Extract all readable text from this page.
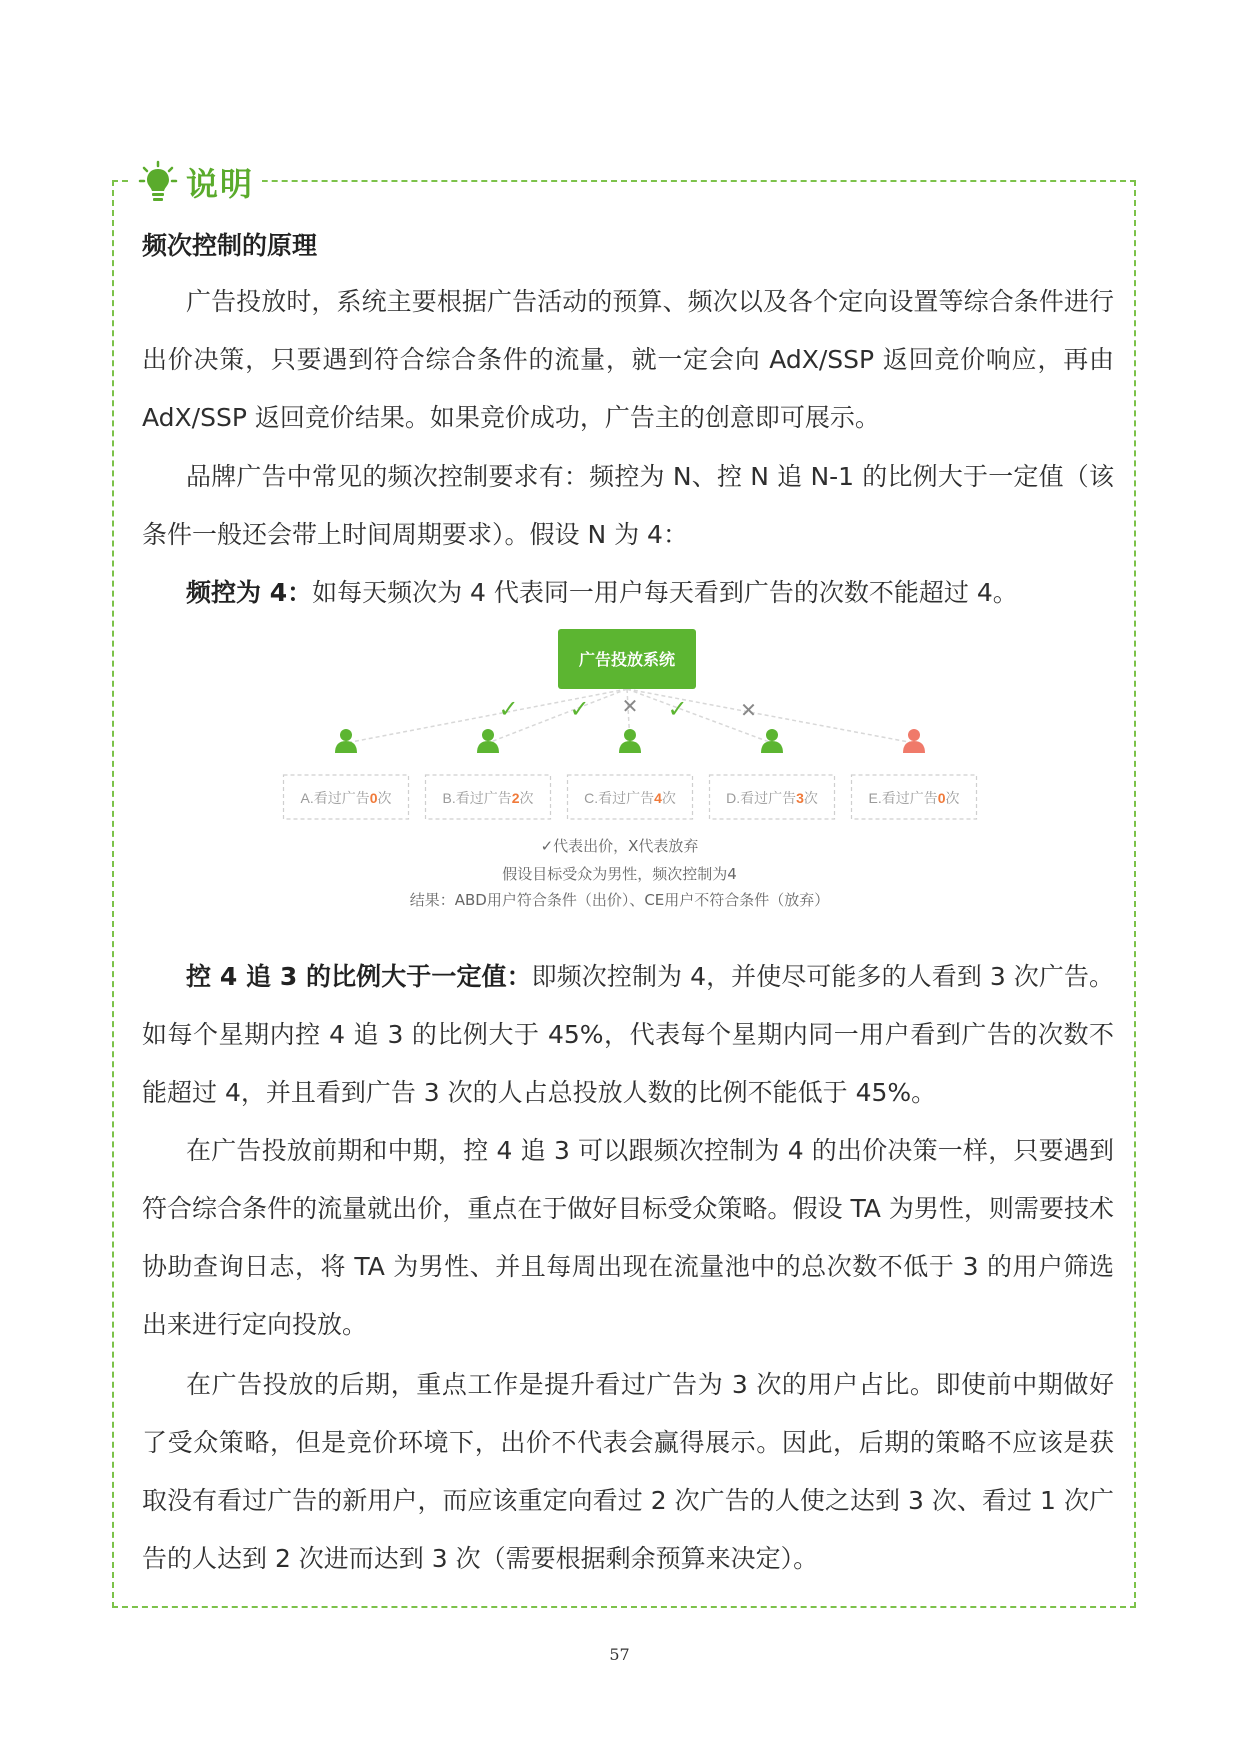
说明
频次控制的原理

广告投放时，系统主要根据广告活动的预算、频次以及各个定向设置等综合条件进行出价决策，只要遇到符合综合条件的流量，就一定会向 AdX/SSP 返回竞价响应，再由 AdX/SSP 返回竞价结果。如果竞价成功，广告主的创意即可展示。

品牌广告中常见的频次控制要求有：频控为 N、控 N 追 N-1 的比例大于一定值（该条件一般还会带上时间周期要求）。假设 N 为 4：

频控为 4：如每天频次为 4 代表同一用户每天看到广告的次数不能超过 4。

广告投放系统
✓
A.看过广告0次
✓
B.看过广告2次
✕
C.看过广告4次
✓
D.看过广告3次
✕
E.看过广告0次
✓代表出价，X代表放弃
假设目标受众为男性，频次控制为4
结果：ABD用户符合条件（出价）、CE用户不符合条件（放弃）

控 4 追 3 的比例大于一定值：即频次控制为 4，并使尽可能多的人看到 3 次广告。如每个星期内控 4 追 3 的比例大于 45%，代表每个星期内同一用户看到广告的次数不能超过 4，并且看到广告 3 次的人占总投放人数的比例不能低于 45%。

在广告投放前期和中期，控 4 追 3 可以跟频次控制为 4 的出价决策一样，只要遇到符合综合条件的流量就出价，重点在于做好目标受众策略。假设 TA 为男性，则需要技术协助查询日志，将 TA 为男性、并且每周出现在流量池中的总次数不低于 3 的用户筛选出来进行定向投放。

在广告投放的后期，重点工作是提升看过广告为 3 次的用户占比。即使前中期做好了受众策略，但是竞价环境下，出价不代表会赢得展示。因此，后期的策略不应该是获取没有看过广告的新用户，而应该重定向看过 2 次广告的人使之达到 3 次、看过 1 次广告的人达到 2 次进而达到 3 次（需要根据剩余预算来决定）。

57
